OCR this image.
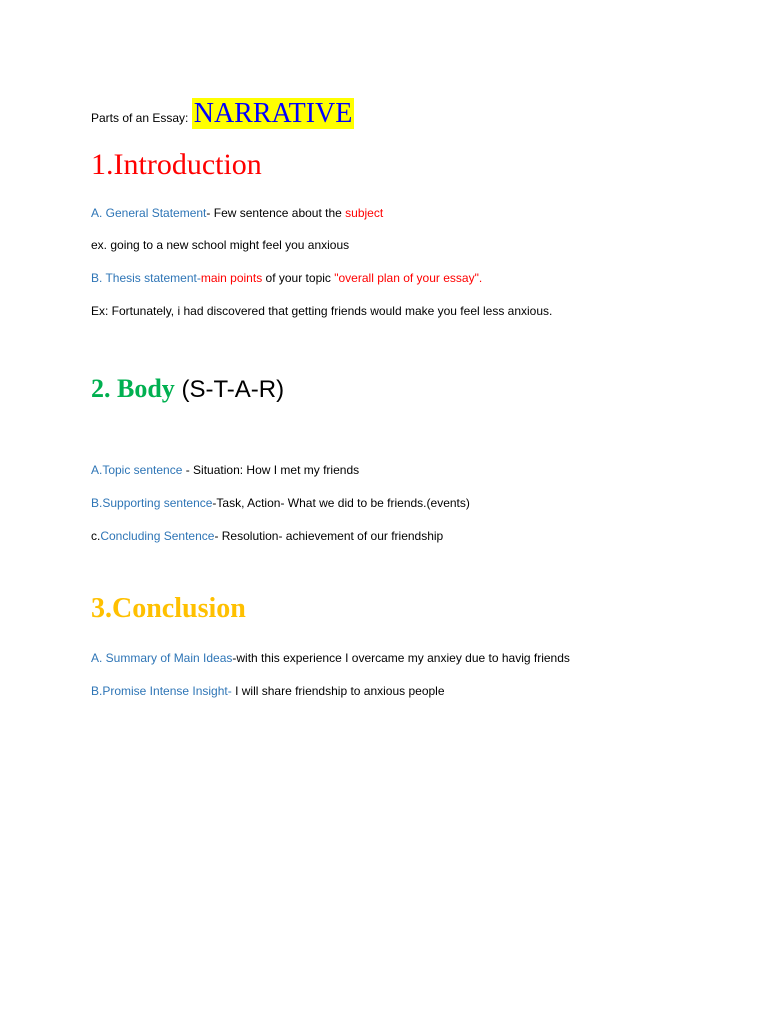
Parts of an Essay: NARRATIVE
1.Introduction
A. General Statement- Few sentence about the subject
ex. going to a new school might feel you anxious
B. Thesis statement-main points of your topic "overall plan of your essay".
Ex: Fortunately, i had discovered that getting friends would make you feel less anxious.
2. Body (S-T-A-R)
A.Topic sentence - Situation: How I met my friends
B.Supporting sentence-Task, Action- What we did to be friends.(events)
c.Concluding Sentence- Resolution- achievement of our friendship
3.Conclusion
A. Summary of Main Ideas-with this experience I overcame my anxiey due to havig friends
B.Promise Intense Insight- I will share friendship to anxious people
